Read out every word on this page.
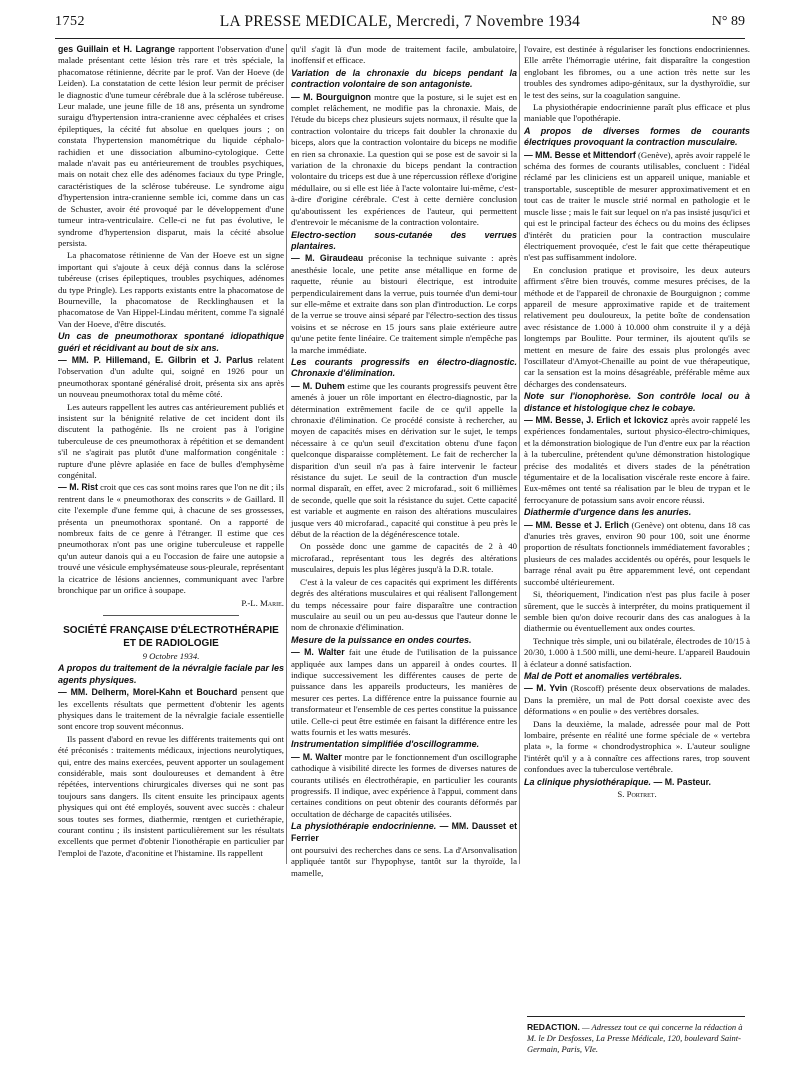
1752	LA PRESSE MEDICALE, Mercredi, 7 Novembre 1934	N° 89

ges Guillain et H. Lagrange rapportent l'observation d'une malade présentant cette lésion très rare et très spéciale, la phacomatose rétinienne, décrite par le prof. Van der Hoeve (de Leiden). La constatation de cette lésion leur permit de préciser le diagnostic d'une tumeur cérébrale due à la sclérose tubéreuse. Leur malade, une jeune fille de 18 ans, présenta un syndrome suraigu d'hypertension intra-cranienne avec céphalées et crises épileptiques, la cécité fut absolue en quelques jours ; on constata l'hypertension manométrique du liquide céphalo-rachidien et une dissociation albumino-cytologique. Cette malade n'avait pas eu antérieurement de troubles psychiques, mais on notait chez elle des adénomes faciaux du type Pringle, caractéristiques de la sclérose tubéreuse. Le syndrome aigu d'hypertension intra-cranienne semble ici, comme dans un cas de Schuster, avoir été provoqué par le développement d'une tumeur intra-ventriculaire. Celle-ci ne fut pas évolutive, le syndrome d'hypertension disparut, mais la cécité absolue persista.

La phacomatose rétinienne de Van der Hoeve est un signe important qui s'ajoute à ceux déjà connus dans la sclérose tubéreuse (crises épileptiques, troubles psychiques, adénomes du type Pringle). Les rapports existants entre la phacomatose de Bourneville, la phacomatose de Recklinghausen et la phacomatose de Van Hippel-Lindau méritent, comme l'a signalé Van der Hoeve, d'être discutés.

Un cas de pneumothorax spontané idiopathique guéri et récidivant au bout de six ans.

— MM. P. Hillemand, E. Gilbrin et J. Parlus relatent l'observation d'un adulte qui, soigné en 1926 pour un pneumothorax spontané généralisé droit, présenta six ans après un nouveau pneumothorax total du même côté.

Les auteurs rappellent les autres cas antérieurement publiés et insistent sur la bénignité relative de cet incident dont ils discutent la pathogénie. Ils ne croient pas à l'origine tuberculeuse de ces pneumothorax à répétition et se demandent s'il ne s'agirait pas plutôt d'une malformation congénitale : rupture d'une plèvre aplasiée en face de bulles d'emphysème congénital.

— M. Rist croit que ces cas sont moins rares que l'on ne dit ; ils rentrent dans le « pneumothorax des conscrits » de Gaillard. Il cite l'exemple d'une femme qui, à chacune de ses grossesses, présenta un pneumothorax spontané. On a rapporté de nombreux faits de ce genre à l'étranger. Il estime que ces pneumothorax n'ont pas une origine tuberculeuse et rappelle qu'un auteur danois qui a eu l'occasion de faire une autopsie a trouvé une vésicule emphysémateuse sous-pleurale, représentant la cicatrice de lésions anciennes, communiquant avec l'arbre bronchique par un orifice à soupape.

P.-L. Marie.

SOCIÉTÉ FRANÇAISE D'ÉLECTROTHÉRAPIE
ET DE RADIOLOGIE

9 Octobre 1934.

A propos du traitement de la névralgie faciale par les agents physiques.

— MM. Delherm, Morel-Kahn et Bouchard pensent que les excellents résultats que permettent d'obtenir les agents physiques dans le traitement de la névralgie faciale essentielle sont encore trop souvent méconnus.

Ils passent d'abord en revue les différents traitements qui ont été préconisés : traitements médicaux, injections neurolytiques, qui, entre des mains exercées, peuvent apporter un soulagement considérable, mais sont douloureuses et demandent à être répétées, interventions chirurgicales diverses qui ne sont pas toujours sans dangers. Ils citent ensuite les principaux agents physiques qui ont été employés, souvent avec succès : chaleur sous toutes ses formes, diathermie, rœntgen et curiethérapie, courant continu ; ils insistent particulièrement sur les résultats excellents que permet d'obtenir l'ionothérapie en particulier par l'emploi de l'azote, d'aconitine et l'histamine. Ils rappellent

qu'il s'agit là d'un mode de traitement facile, ambulatoire, inoffensif et efficace.

Variation de la chronaxie du biceps pendant la contraction volontaire de son antagoniste.

— M. Bourguignon montre que la posture, si le sujet est en complet relâchement, ne modifie pas la chronaxie. Mais, de l'étude du biceps chez plusieurs sujets normaux, il résulte que la contraction volontaire du triceps fait doubler la chronaxie du biceps, alors que la contraction volontaire du biceps ne modifie en rien sa chronaxie. La question qui se pose est de savoir si la variation de la chronaxie du biceps pendant la contraction volontaire du triceps est due à une répercussion réflexe d'origine médullaire, ou si elle est liée à l'acte volontaire lui-même, c'est-à-dire d'origine cérébrale. C'est à cette dernière conclusion qu'aboutissent les expériences de l'auteur, qui permettent d'entrevoir le mécanisme de la contraction volontaire.

Electro-section sous-cutanée des verrues plantaires.

— M. Giraudeau préconise la technique suivante : après anesthésie locale, une petite anse métallique en forme de raquette, réunie au bistouri électrique, est introduite perpendiculairement dans la verrue, puis tournée d'un demi-tour sur elle-même et extraite dans son plan d'introduction. Le corps de la verrue se trouve ainsi séparé par l'électro-section des tissus voisins et se nécrose en 15 jours sans plaie extérieure autre qu'une petite fente linéaire. Ce traitement simple n'empêche pas la marche immédiate.

Les courants progressifs en électro-diagnostic. Chronaxie d'élimination.

— M. Duhem estime que les courants progressifs peuvent être amenés à jouer un rôle important en électro-diagnostic, par la détermination extrêmement facile de ce qu'il appelle la chronaxie d'élimination. Ce procédé consiste à rechercher, au moyen de capacités mises en dérivation sur le sujet, le temps nécessaire à ce qu'un seuil d'excitation obtenu d'une façon quelconque disparaisse complètement. Le fait de rechercher la disparition d'un seuil n'a pas à faire intervenir le facteur résistance du sujet. Le seuil de la contraction d'un muscle normal disparaît, en effet, avec 2 microfarad., soit 6 millièmes de seconde, quelle que soit la résistance du sujet. Cette capacité est variable et augmente en raison des altérations musculaires jusque vers 40 microfarad., capacité qui constitue à peu près le début de la réaction de la dégénérescence totale.

On possède donc une gamme de capacités de 2 à 40 microfarad., représentant tous les degrés des altérations musculaires, depuis les plus légères jusqu'à la D.R. totale.

C'est à la valeur de ces capacités qui expriment les différents degrés des altérations musculaires et qui réalisent l'allongement du temps nécessaire pour faire disparaître une contraction musculaire au seuil ou un peu au-dessus que l'auteur donne le nom de chronaxie d'élimination.

Mesure de la puissance en ondes courtes.

— M. Walter fait une étude de l'utilisation de la puissance appliquée aux lampes dans un appareil à ondes courtes. Il indique successivement les différentes causes de perte de puissance dans les appareils producteurs, les manières de mesurer ces pertes. La différence entre la puissance fournie au transformateur et l'ensemble de ces pertes constitue la puissance utile. Celle-ci peut être estimée en faisant la différence entre les watts fournis et les watts mesurés.

Instrumentation simplifiée d'oscillogramme.

— M. Walter montre par le fonctionnement d'un oscillographe cathodique à visibilité directe les formes de diverses natures de courants utilisés en électrothérapie, en particulier les courants progressifs. Il indique, avec expérience à l'appui, comment dans certaines conditions on peut obtenir des courants déformés par occultation de décharge de capacités utilisées.

La physiothérapie endocrinienne. — MM. Dausset et Ferrier

ont poursuivi des recherches dans ce sens. La d'Arsonvalisation appliquée tantôt sur l'hypophyse, tantôt sur la thyroïde, la mamelle,

l'ovaire, est destinée à régulariser les fonctions endocriniennes. Elle arrête l'hémorragie utérine, fait disparaître la congestion englobant les fibromes, ou a une action très nette sur les troubles des syndromes adipo-génitaux, sur la dysthyroïdie, sur le test des seins, sur la coagulation sanguine.

La physiothérapie endocrinienne paraît plus efficace et plus maniable que l'opothérapie.

A propos de diverses formes de courants électriques provoquant la contraction musculaire.

— MM. Besse et Mittendorf (Genève), après avoir rappelé le schéma des formes de courants utilisables, concluent : l'idéal réclamé par les cliniciens est un appareil unique, maniable et transportable, susceptible de mesurer approximativement et en tout cas de traiter le muscle strié normal en pathologie et le muscle lisse ; mais le fait sur lequel on n'a pas insisté jusqu'ici et qui est le principal facteur des échecs ou du moins des éclipses d'intérêt du praticien pour la contraction musculaire électriquement provoquée, c'est le fait que cette thérapeutique n'est pas suffisamment indolore.

En conclusion pratique et provisoire, les deux auteurs affirment s'être bien trouvés, comme mesures précises, de la méthode et de l'appareil de chronaxie de Bourguignon ; comme appareil de mesure approximative rapide et de traitement relativement peu douloureux, la petite boîte de condensation avec résistance de 1.000 à 10.000 ohm construite il y a déjà longtemps par Boulitte. Pour terminer, ils ajoutent qu'ils se mettent en mesure de faire des essais plus prolongés avec l'oscillateur d'Amyot-Chenaille au point de vue thérapeutique, car la sensation est la moins désagréable, préférable même aux décharges des condensateurs.

Note sur l'ionophorèse. Son contrôle local ou à distance et histologique chez le cobaye.

— MM. Besse, J. Erlich et Ickovicz après avoir rappelé les expériences fondamentales, surtout physico-électro-chimiques, et la démonstration biologique de l'un d'entre eux par la réaction à la tuberculine, prétendent qu'une démonstration histologique précise des modalités et divers stades de la pénétration tégumentaire et de la localisation viscérale reste encore à faire. Eux-mêmes ont tenté sa réalisation par le bleu de trypan et le ferrocyanure de potassium sans avoir encore réussi.

Diathermie d'urgence dans les anuries.

— MM. Besse et J. Erlich (Genève) ont obtenu, dans 18 cas d'anuries très graves, environ 90 pour 100, soit une énorme proportion de résultats fonctionnels immédiatement favorables ; plusieurs de ces malades accidentés ou opérés, pour lesquels le barrage rénal avait pu être apparemment levé, ont cependant succombé ultérieurement.

Si, théoriquement, l'indication n'est pas plus facile à poser sûrement, que le succès à interpréter, du moins pratiquement il semble bien qu'on doive recourir dans des cas analogues à la diathermie ou éventuellement aux ondes courtes.

Technique très simple, uni ou bilatérale, électrodes de 10/15 à 20/30, 1.000 à 1.500 milli, une demi-heure. L'appareil Baudouin à éclateur a donné satisfaction.

Mal de Pott et anomalies vertébrales.

— M. Yvin (Roscoff) présente deux observations de malades. Dans la première, un mal de Pott dorsal coexiste avec des déformations « en poulie » des vertèbres dorsales.

Dans la deuxième, la malade, adressée pour mal de Pott lombaire, présente en réalité une forme spéciale de « vertebra plata », la forme « chondrodystrophica ». L'auteur souligne l'intérêt qu'il y a à connaître ces affections rares, trop souvent confondues avec la tuberculose vertébrale.

La clinique physiothérapique. — M. Pasteur.

S. Portret.

REDACTION. — Adressez tout ce qui concerne la rédaction à M. le Dr Desfosses, La Presse Médicale, 120, boulevard Saint-Germain, Paris, VIe.
